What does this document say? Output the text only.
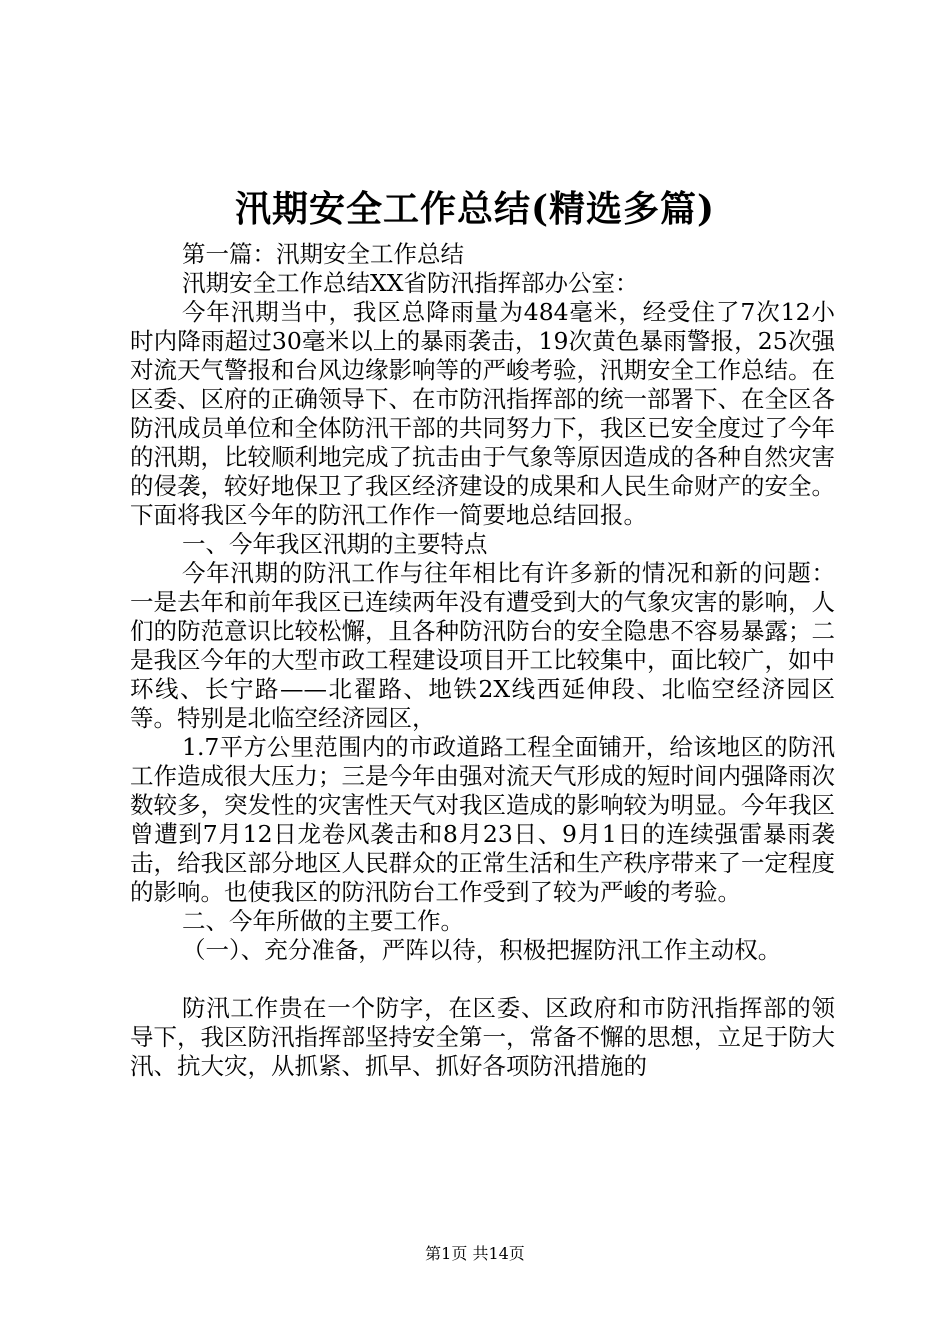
汛期安全工作总结(精选多篇)

第一篇：汛期安全工作总结

汛期安全工作总结XX省防汛指挥部办公室：

今年汛期当中，我区总降雨量为484毫米，经受住了7次12小时内降雨超过30毫米以上的暴雨袭击，19次黄色暴雨警报，25次强对流天气警报和台风边缘影响等的严峻考验，汛期安全工作总结。在区委、区府的正确领导下、在市防汛指挥部的统一部署下、在全区各防汛成员单位和全体防汛干部的共同努力下，我区已安全度过了今年的汛期，比较顺利地完成了抗击由于气象等原因造成的各种自然灾害的侵袭，较好地保卫了我区经济建设的成果和人民生命财产的安全。下面将我区今年的防汛工作作一简要地总结回报。

一、今年我区汛期的主要特点

今年汛期的防汛工作与往年相比有许多新的情况和新的问题：一是去年和前年我区已连续两年没有遭受到大的气象灾害的影响，人们的防范意识比较松懈，且各种防汛防台的安全隐患不容易暴露；二是我区今年的大型市政工程建设项目开工比较集中，面比较广，如中环线、长宁路——北翟路、地铁2X线西延伸段、北临空经济园区等。特别是北临空经济园区，

1.7平方公里范围内的市政道路工程全面铺开，给该地区的防汛工作造成很大压力；三是今年由强对流天气形成的短时间内强降雨次数较多，突发性的灾害性天气对我区造成的影响较为明显。今年我区曾遭到7月12日龙卷风袭击和8月23日、9月1日的连续强雷暴雨袭击，给我区部分地区人民群众的正常生活和生产秩序带来了一定程度的影响。也使我区的防汛防台工作受到了较为严峻的考验。

二、今年所做的主要工作。

（一）、充分准备，严阵以待，积极把握防汛工作主动权。

防汛工作贵在一个防字，在区委、区政府和市防汛指挥部的领导下，我区防汛指挥部坚持安全第一，常备不懈的思想，立足于防大汛、抗大灾，从抓紧、抓早、抓好各项防汛措施的

第1页 共14页
